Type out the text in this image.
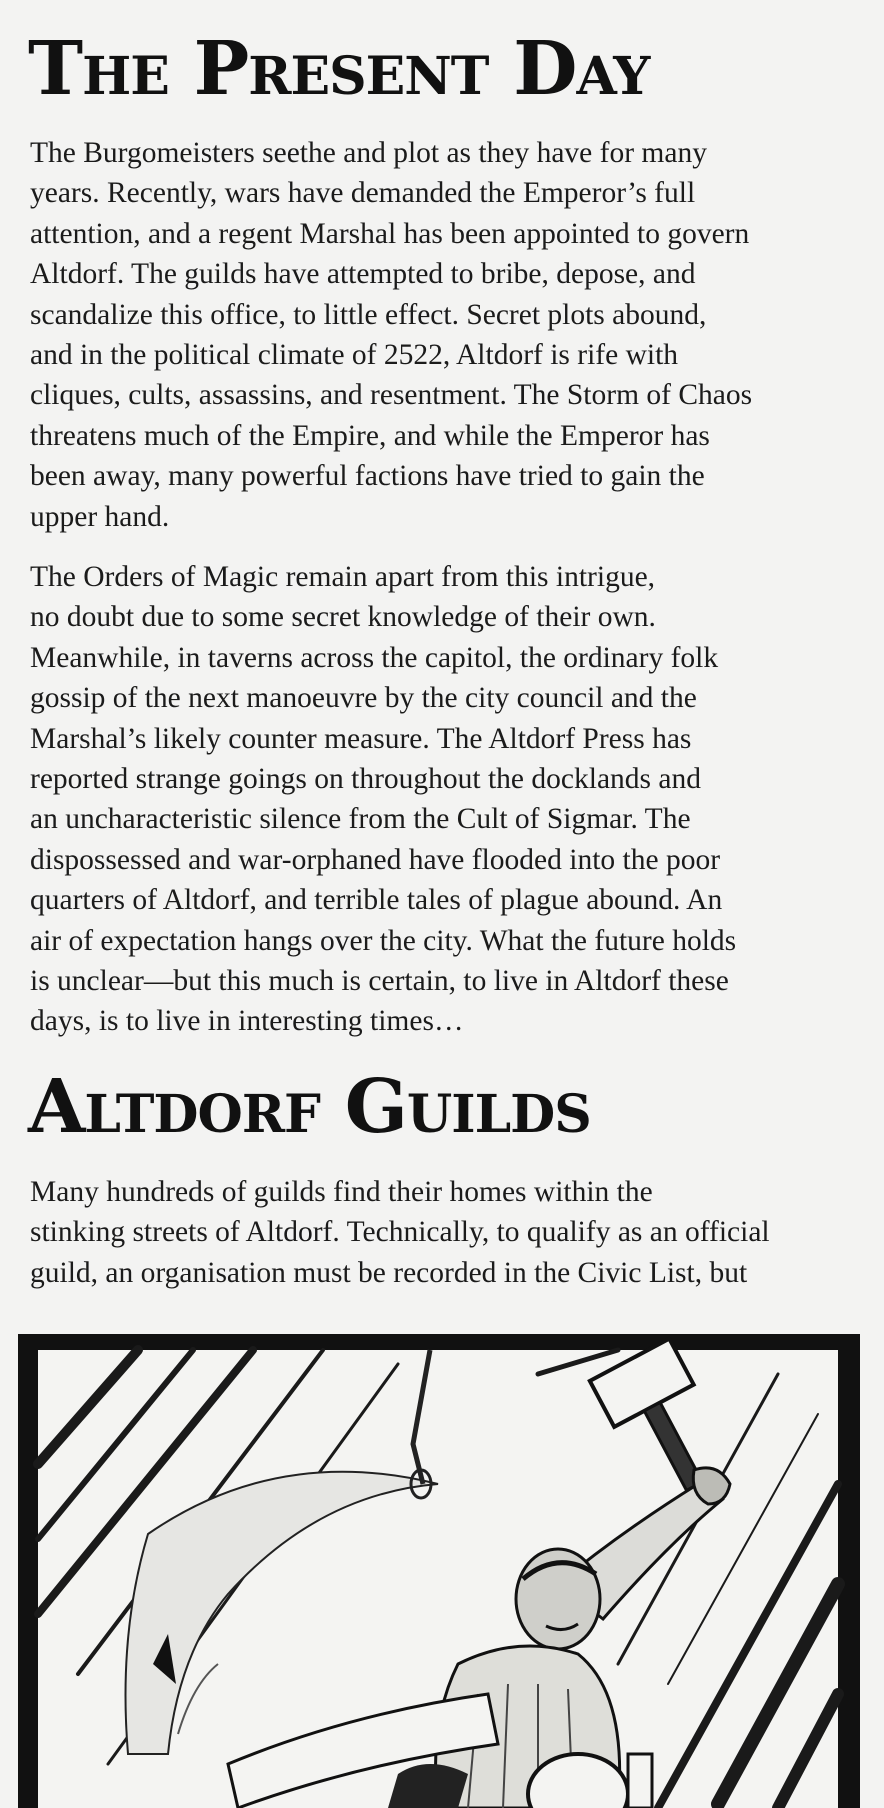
The Present Day
The Burgomeisters seethe and plot as they have for many
years. Recently, wars have demanded the Emperor’s full
attention, and a regent Marshal has been appointed to govern
Altdorf. The guilds have attempted to bribe, depose, and
scandalize this office, to little effect. Secret plots abound,
and in the political climate of 2522, Altdorf is rife with
cliques, cults, assassins, and resentment. The Storm of Chaos
threatens much of the Empire, and while the Emperor has
been away, many powerful factions have tried to gain the
upper hand.
The Orders of Magic remain apart from this intrigue,
no doubt due to some secret knowledge of their own.
Meanwhile, in taverns across the capitol, the ordinary folk
gossip of the next manoeuvre by the city council and the
Marshal’s likely counter measure. The Altdorf Press has
reported strange goings on throughout the docklands and
an uncharacteristic silence from the Cult of Sigmar. The
dispossessed and war-orphaned have flooded into the poor
quarters of Altdorf, and terrible tales of plague abound. An
air of expectation hangs over the city. What the future holds
is unclear—but this much is certain, to live in Altdorf these
days, is to live in interesting times…
Altdorf Guilds
Many hundreds of guilds find their homes within the
stinking streets of Altdorf. Technically, to qualify as an official
guild, an organisation must be recorded in the Civic List, but
